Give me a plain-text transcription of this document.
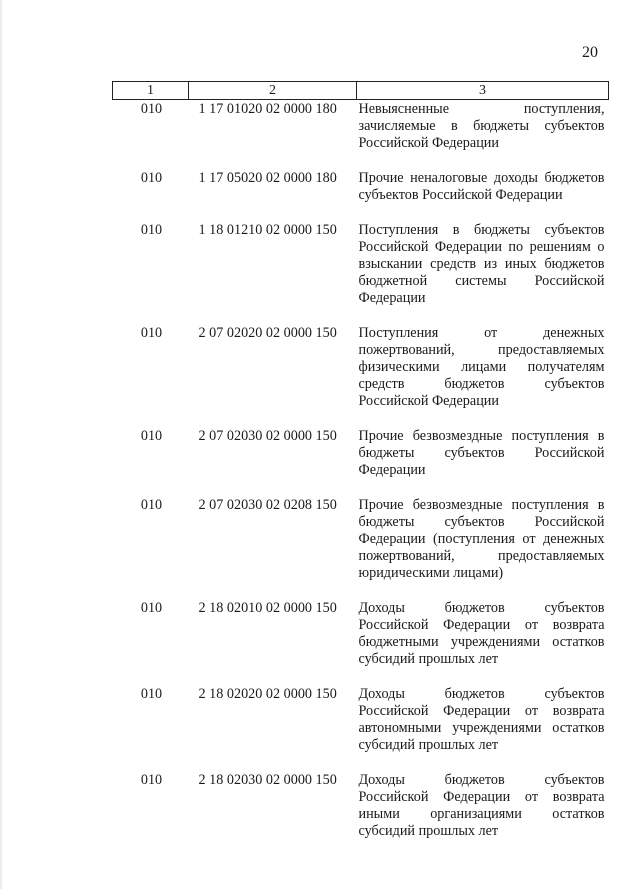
20
1	2	3
010	1 17 01020 02 0000 180	Невыясненные поступления, зачисляемые в бюджеты субъектов Российской Федерации
010	1 17 05020 02 0000 180	Прочие неналоговые доходы бюджетов субъектов Российской Федерации
010	1 18 01210 02 0000 150	Поступления в бюджеты субъектов Российской Федерации по решениям о взыскании средств из иных бюджетов бюджетной системы Российской Федерации
010	2 07 02020 02 0000 150	Поступления от денежных пожертвований, предоставляемых физическими лицами получателям средств бюджетов субъектов Российской Федерации
010	2 07 02030 02 0000 150	Прочие безвозмездные поступления в бюджеты субъектов Российской Федерации
010	2 07 02030 02 0208 150	Прочие безвозмездные поступления в бюджеты субъектов Российской Федерации (поступления от денежных пожертвований, предоставляемых юридическими лицами)
010	2 18 02010 02 0000 150	Доходы бюджетов субъектов Российской Федерации от возврата бюджетными учреждениями остатков субсидий прошлых лет
010	2 18 02020 02 0000 150	Доходы бюджетов субъектов Российской Федерации от возврата автономными учреждениями остатков субсидий прошлых лет
010	2 18 02030 02 0000 150	Доходы бюджетов субъектов Российской Федерации от возврата иными организациями остатков субсидий прошлых лет
